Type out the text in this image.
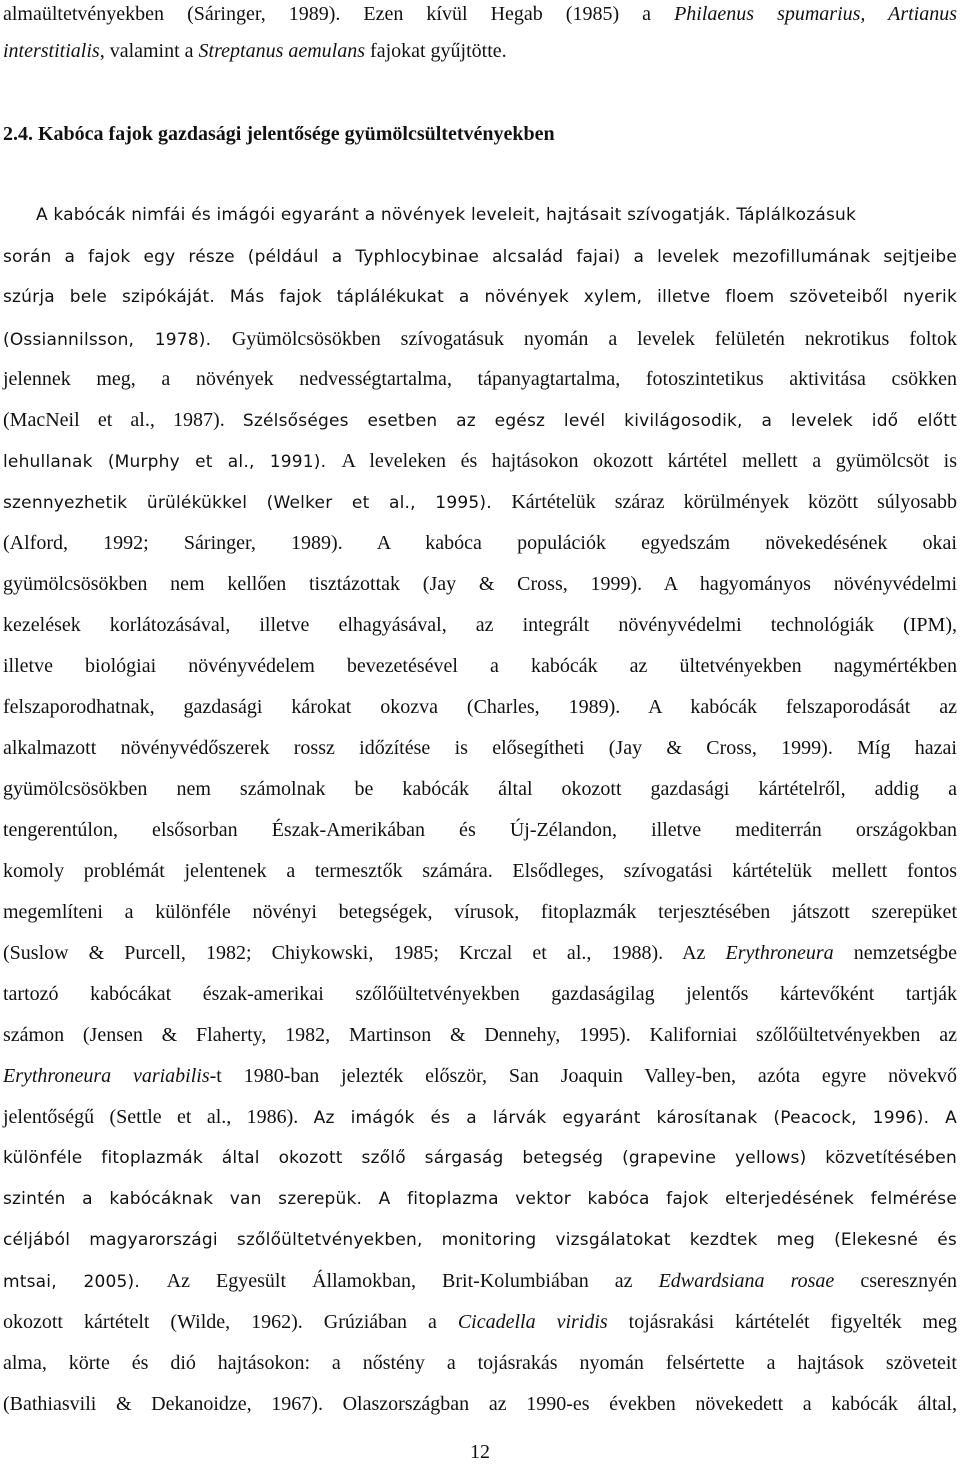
almaültetvényekben (Sáringer, 1989). Ezen kívül Hegab (1985) a Philaenus spumarius, Artianus
interstitialis, valamint a Streptanus aemulans fajokat gyűjtötte.
2.4. Kabóca fajok gazdasági jelentősége gyümölcsültetvényekben
A kabócák nimfái és imágói egyaránt a növények leveleit, hajtásait szívogatják. Táplálkozásuk
során a fajok egy része (például a Typhlocybinae alcsalád fajai) a levelek mezofillumának sejtjeibe
szúrja bele szipókáját. Más fajok táplálékukat a növények xylem, illetve floem szöveteiből nyerik
(Ossiannilsson, 1978). Gyümölcsösökben szívogatásuk nyomán a levelek felületén nekrotikus foltok
jelennek meg, a növények nedvességtartalma, tápanyagtartalma, fotoszintetikus aktivitása csökken
(MacNeil et al., 1987). Szélsőséges esetben az egész levél kivilágosodik, a levelek idő előtt
lehullanak (Murphy et al., 1991). A leveleken és hajtásokon okozott kártétel mellett a gyümölcsöt is
szennyezhetik ürülékükkel (Welker et al., 1995). Kártételük száraz körülmények között súlyosabb
(Alford, 1992; Sáringer, 1989). A kabóca populációk egyedszám növekedésének okai
gyümölcsösökben nem kellően tisztázottak (Jay & Cross, 1999). A hagyományos növényvédelmi
kezelések korlátozásával, illetve elhagyásával, az integrált növényvédelmi technológiák (IPM),
illetve biológiai növényvédelem bevezetésével a kabócák az ültetvényekben nagymértékben
felszaporodhatnak, gazdasági károkat okozva (Charles, 1989). A kabócák felszaporodását az
alkalmazott növényvédőszerek rossz időzítése is elősegítheti (Jay & Cross, 1999). Míg hazai
gyümölcsösökben nem számolnak be kabócák által okozott gazdasági kártételről, addig a
tengerentúlon, elsősorban Észak-Amerikában és Új-Zélandon, illetve mediterrán országokban
komoly problémát jelentenek a termesztők számára. Elsődleges, szívogatási kártételük mellett fontos
megemlíteni a különféle növényi betegségek, vírusok, fitoplazmák terjesztésében játszott szerepüket
(Suslow & Purcell, 1982; Chiykowski, 1985; Krczal et al., 1988). Az Erythroneura nemzetségbe
tartozó kabócákat észak-amerikai szőlőültetvényekben gazdaságilag jelentős kártevőként tartják
számon (Jensen & Flaherty, 1982, Martinson & Dennehy, 1995). Kaliforniai szőlőültetvényekben az
Erythroneura variabilis-t 1980-ban jelezték először, San Joaquin Valley-ben, azóta egyre növekvő
jelentőségű (Settle et al., 1986). Az imágók és a lárvák egyaránt károsítanak (Peacock, 1996). A
különféle fitoplazmák által okozott szőlő sárgaság betegség (grapevine yellows) közvetítésében
szintén a kabócáknak van szerepük. A fitoplazma vektor kabóca fajok elterjedésének felmérése
céljából magyarországi szőlőültetvényekben, monitoring vizsgálatokat kezdtek meg (Elekesné és
mtsai, 2005). Az Egyesült Államokban, Brit-Kolumbiában az Edwardsiana rosae cseresznyén
okozott kártételt (Wilde, 1962). Grúziában a Cicadella viridis tojásrakási kártételét figyelték meg
alma, körte és dió hajtásokon: a nőstény a tojásrakás nyomán felsértette a hajtások szöveteit
(Bathiasvili & Dekanoidze, 1967). Olaszországban az 1990-es években növekedett a kabócák által,
12
